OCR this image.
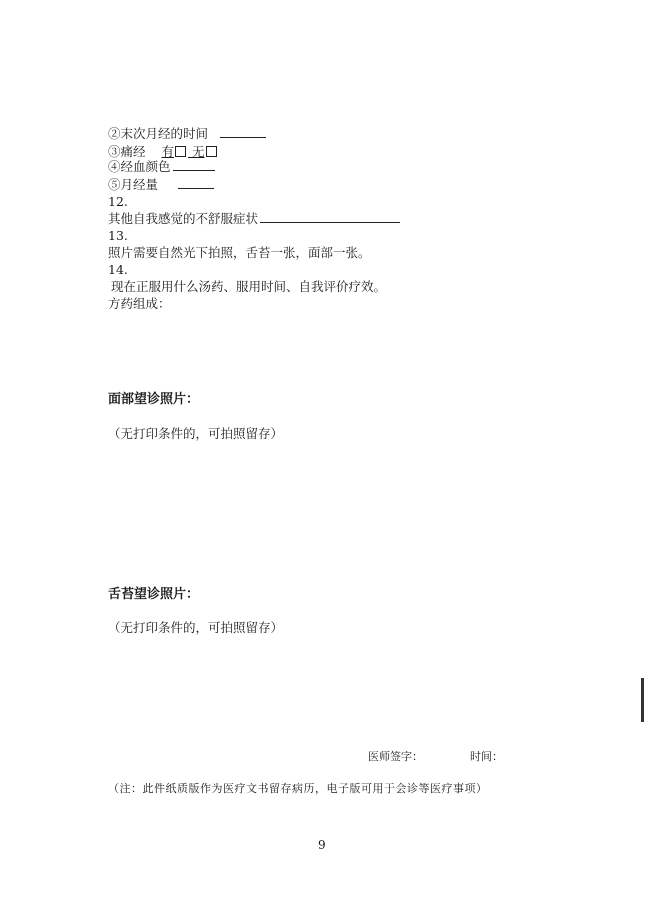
②末次月经的时间
③痛经 有 无
④经血颜色
⑤月经量
12.
其他自我感觉的不舒服症状
13.
照片需要自然光下拍照，舌苔一张，面部一张。
14.
现在正服用什么汤药、服用时间、自我评价疗效。
方药组成：
面部望诊照片：
（无打印条件的，可拍照留存）
舌苔望诊照片：
（无打印条件的，可拍照留存）
医师签字：	时间：
（注：此件纸质版作为医疗文书留存病历，电子版可用于会诊等医疗事项）
9
